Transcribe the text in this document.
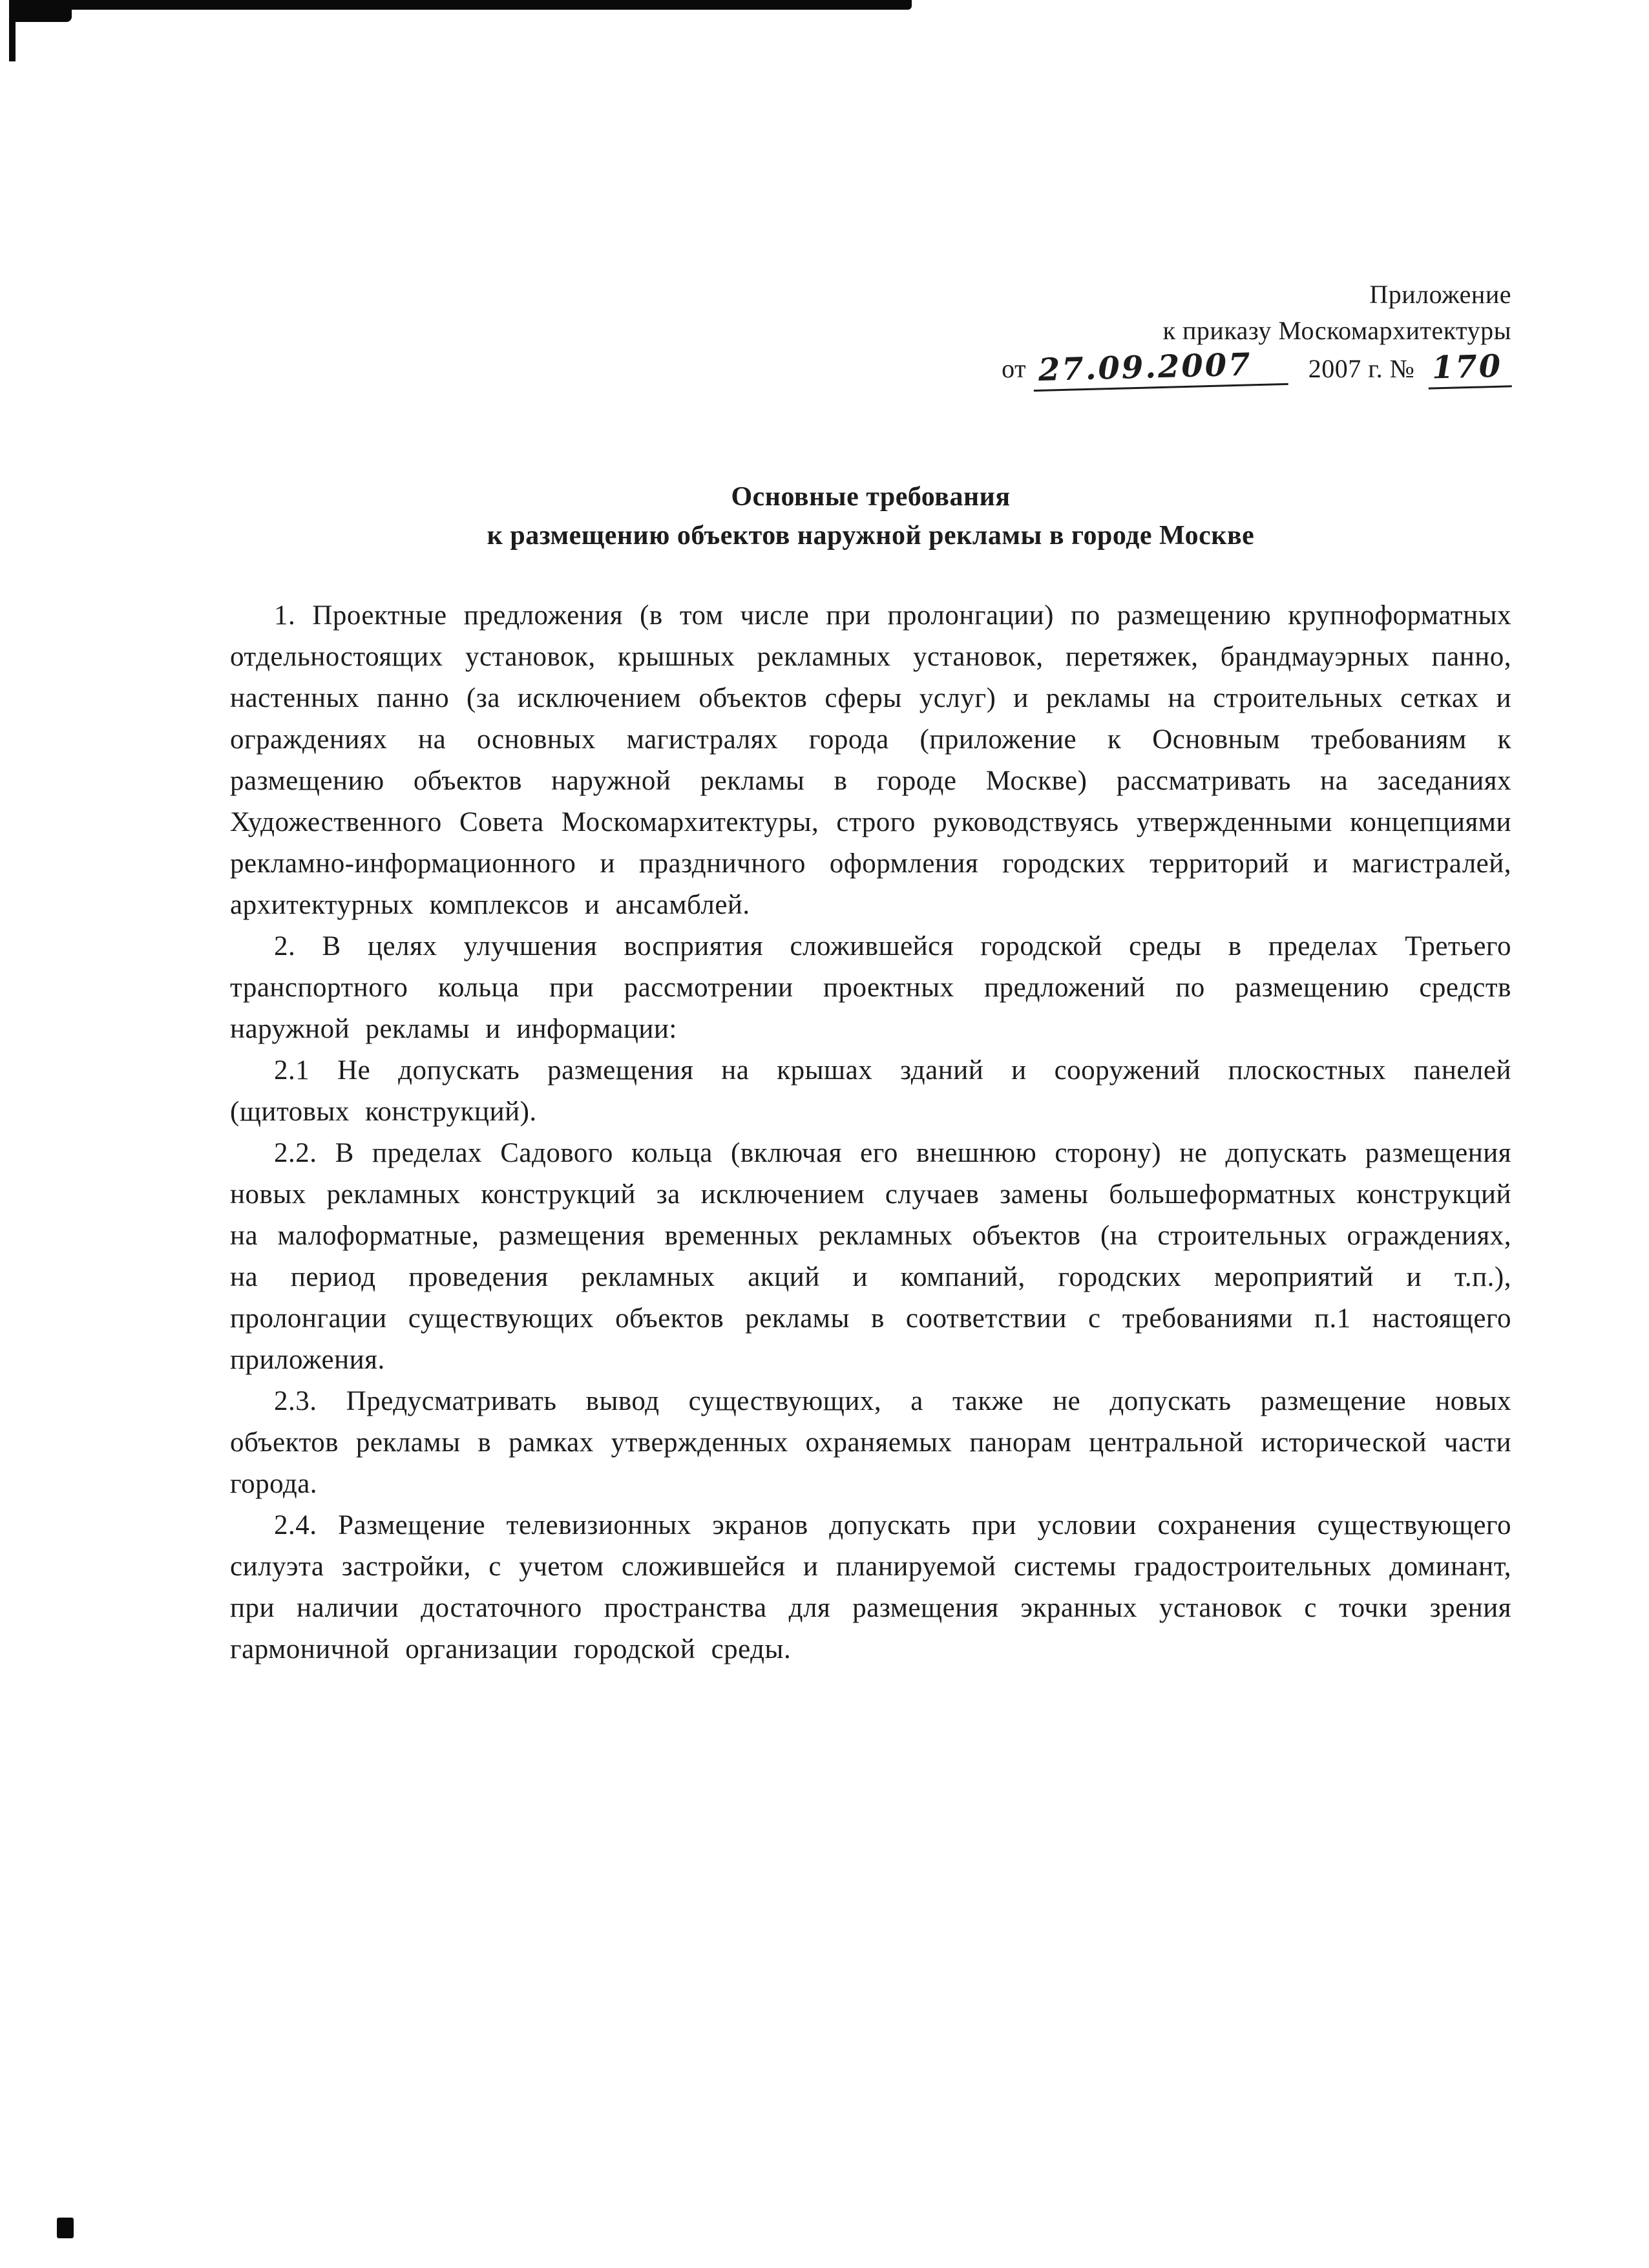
Приложение
к приказу Москомархитектуры
от 27.09.2007 2007 г. № 170
Основные требования
к размещению объектов наружной рекламы в городе Москве

1. Проектные предложения (в том числе при пролонгации) по размещению крупноформатных отдельностоящих установок, крышных рекламных установок, перетяжек, брандмауэрных панно, настенных панно (за исключением объектов сферы услуг) и рекламы на строительных сетках и ограждениях на основных магистралях города (приложение к Основным требованиям к размещению объектов наружной рекламы в городе Москве) рассматривать на заседаниях Художественного Совета Москомархитектуры, строго руководствуясь утвержденными концепциями рекламно-информационного и праздничного оформления городских территорий и магистралей, архитектурных комплексов и ансамблей.

2. В целях улучшения восприятия сложившейся городской среды в пределах Третьего транспортного кольца при рассмотрении проектных предложений по размещению средств наружной рекламы и информации:

2.1 Не допускать размещения на крышах зданий и сооружений плоскостных панелей (щитовых конструкций).

2.2. В пределах Садового кольца (включая его внешнюю сторону) не допускать размещения новых рекламных конструкций за исключением случаев замены большеформатных конструкций на малоформатные, размещения временных рекламных объектов (на строительных ограждениях, на период проведения рекламных акций и компаний, городских мероприятий и т.п.), пролонгации существующих объектов рекламы в соответствии с требованиями п.1 настоящего приложения.

2.3. Предусматривать вывод существующих, а также не допускать размещение новых объектов рекламы в рамках утвержденных охраняемых панорам центральной исторической части города.

2.4. Размещение телевизионных экранов допускать при условии сохранения существующего силуэта застройки, с учетом сложившейся и планируемой системы градостроительных доминант, при наличии достаточного пространства для размещения экранных установок с точки зрения гармоничной организации городской среды.
